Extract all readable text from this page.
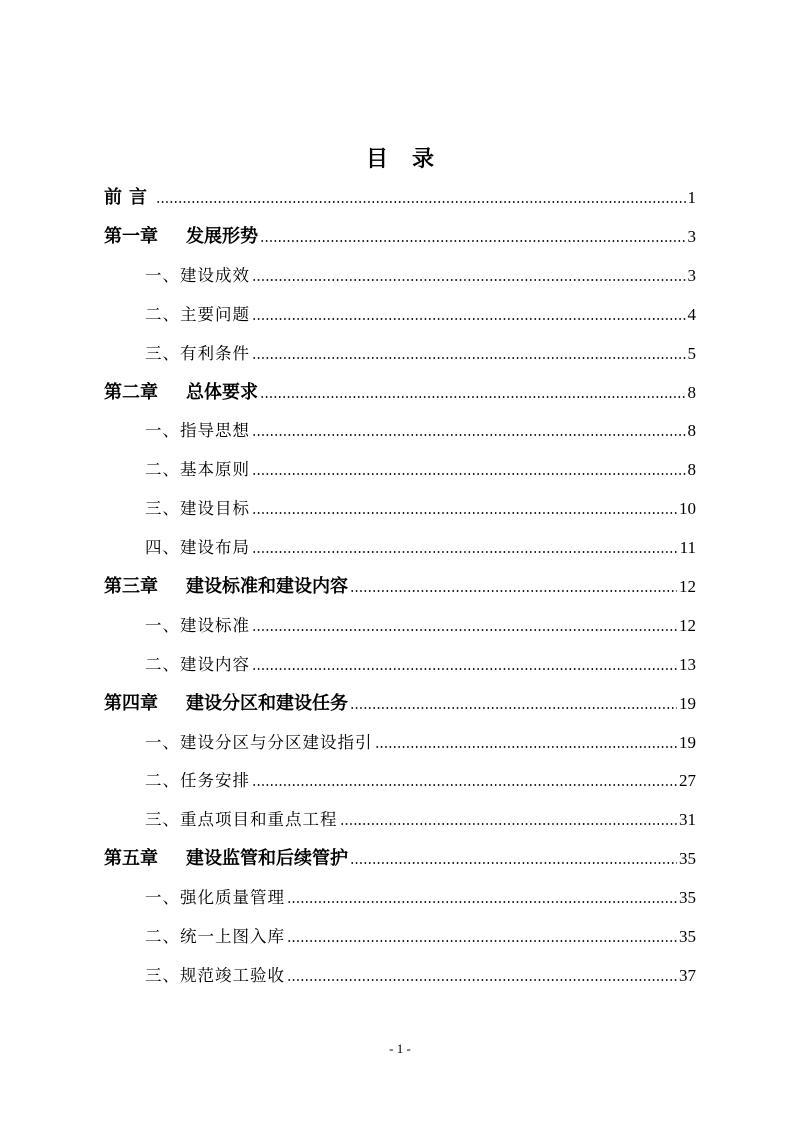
目录
前言	1
第一章 发展形势	3
一、建设成效	3
二、主要问题	4
三、有利条件	5
第二章 总体要求	8
一、指导思想	8
二、基本原则	8
三、建设目标	10
四、建设布局	11
第三章 建设标准和建设内容	12
一、建设标准	12
二、建设内容	13
第四章 建设分区和建设任务	19
一、建设分区与分区建设指引	19
二、任务安排	27
三、重点项目和重点工程	31
第五章 建设监管和后续管护	35
一、强化质量管理	35
二、统一上图入库	35
三、规范竣工验收	37
- 1 -
